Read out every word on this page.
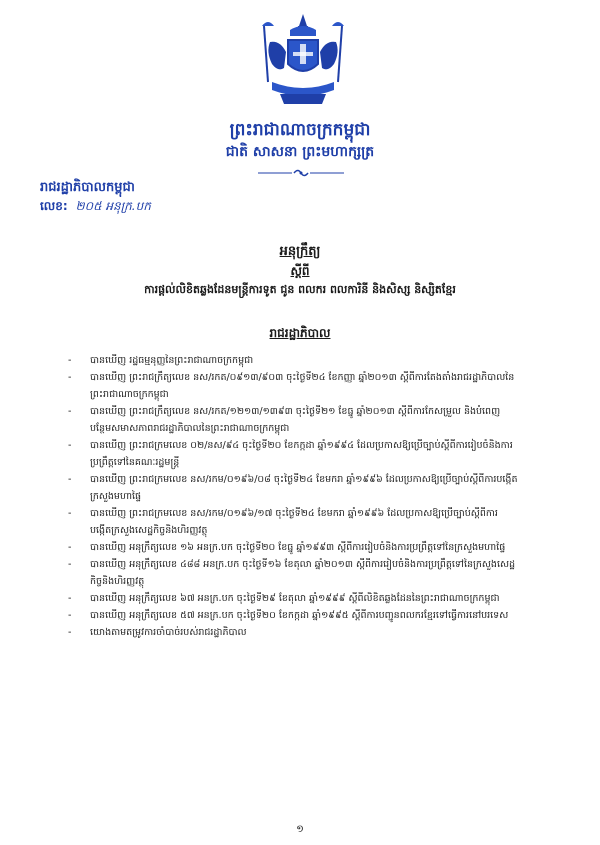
ព្រះរាជាណាចក្រកម្ពុជា
ជាតិ សាសនា ព្រះមហាក្សត្រ
រាជរដ្ឋាភិបាលកម្ពុជា
លេខ: ២០៥ អនុក្រ.បក
អនុក្រឹត្យ
ស្តីពី
ការផ្តល់លិខិតឆ្លងដែនមន្ត្រីការទូត ជូន ពលករ ពលការិនី និងសិស្ស និស្សិតខ្មែរ
រាជរដ្ឋាភិបាល
-	បានឃើញ រដ្ឋធម្មនុញ្ញនៃព្រះរាជាណាចក្រកម្ពុជា
-	បានឃើញ ព្រះរាជក្រឹត្យលេខ នស/រកត/០៩១៣/៩០៣ ចុះថ្ងៃទី២៤ ខែកញ្ញា ឆ្នាំ២០១៣ ស្តីពីការតែងតាំងរាជរដ្ឋាភិបាលនៃព្រះរាជាណាចក្រកម្ពុជា
-	បានឃើញ ព្រះរាជក្រឹត្យលេខ នស/រកត/១២១៣/១៣៩៣ ចុះថ្ងៃទី២១ ខែធ្នូ ឆ្នាំ២០១៣ ស្តីពីការកែសម្រួល និងបំពេញបន្ថែមសមាសភាពរាជរដ្ឋាភិបាលនៃព្រះរាជាណាចក្រកម្ពុជា
-	បានឃើញ ព្រះរាជក្រមលេខ ០២/នស/៩៤ ចុះថ្ងៃទី២០ ខែកក្កដា ឆ្នាំ១៩៩៤ ដែលប្រកាសឱ្យប្រើច្បាប់ស្តីពីការរៀបចំនិងការប្រព្រឹត្តទៅនៃគណៈរដ្ឋមន្ត្រី
-	បានឃើញ ព្រះរាជក្រមលេខ នស/រកម/០១៩៦/០៨ ចុះថ្ងៃទី២៤ ខែមករា ឆ្នាំ១៩៩៦ ដែលប្រកាសឱ្យប្រើច្បាប់ស្តីពីការបង្កើតក្រសួងមហាផ្ទៃ
-	បានឃើញ ព្រះរាជក្រមលេខ នស/រកម/០១៩៦/១៧ ចុះថ្ងៃទី២៤ ខែមករា ឆ្នាំ១៩៩៦ ដែលប្រកាសឱ្យប្រើច្បាប់ស្តីពីការបង្កើតក្រសួងសេដ្ឋកិច្ចនិងហិរញ្ញវត្ថុ
-	បានឃើញ អនុក្រឹត្យលេខ ១៦ អនក្រ.បក ចុះថ្ងៃទី២០ ខែធ្នូ ឆ្នាំ១៩៩៣ ស្តីពីការរៀបចំនិងការប្រព្រឹត្តទៅនៃក្រសួងមហាផ្ទៃ
-	បានឃើញ អនុក្រឹត្យលេខ ៤៨៨ អនក្រ.បក ចុះថ្ងៃទី១៦ ខែតុលា ឆ្នាំ២០១៣ ស្តីពីការរៀបចំនិងការប្រព្រឹត្តទៅនៃក្រសួងសេដ្ឋកិច្ចនិងហិរញ្ញវត្ថុ
-	បានឃើញ អនុក្រឹត្យលេខ ៦៧ អនក្រ.បក ចុះថ្ងៃទី២៩ ខែតុលា ឆ្នាំ១៩៩៩ ស្តីពីលិខិតឆ្លងដែននៃព្រះរាជាណាចក្រកម្ពុជា
-	បានឃើញ អនុក្រឹត្យលេខ ៥៧ អនក្រ.បក ចុះថ្ងៃទី២០ ខែកក្កដា ឆ្នាំ១៩៩៥ ស្តីពីការបញ្ជូនពលករខ្មែរទៅធ្វើការនៅបរទេស
-	យោងតាមតម្រូវការចាំបាច់របស់រាជរដ្ឋាភិបាល
១
